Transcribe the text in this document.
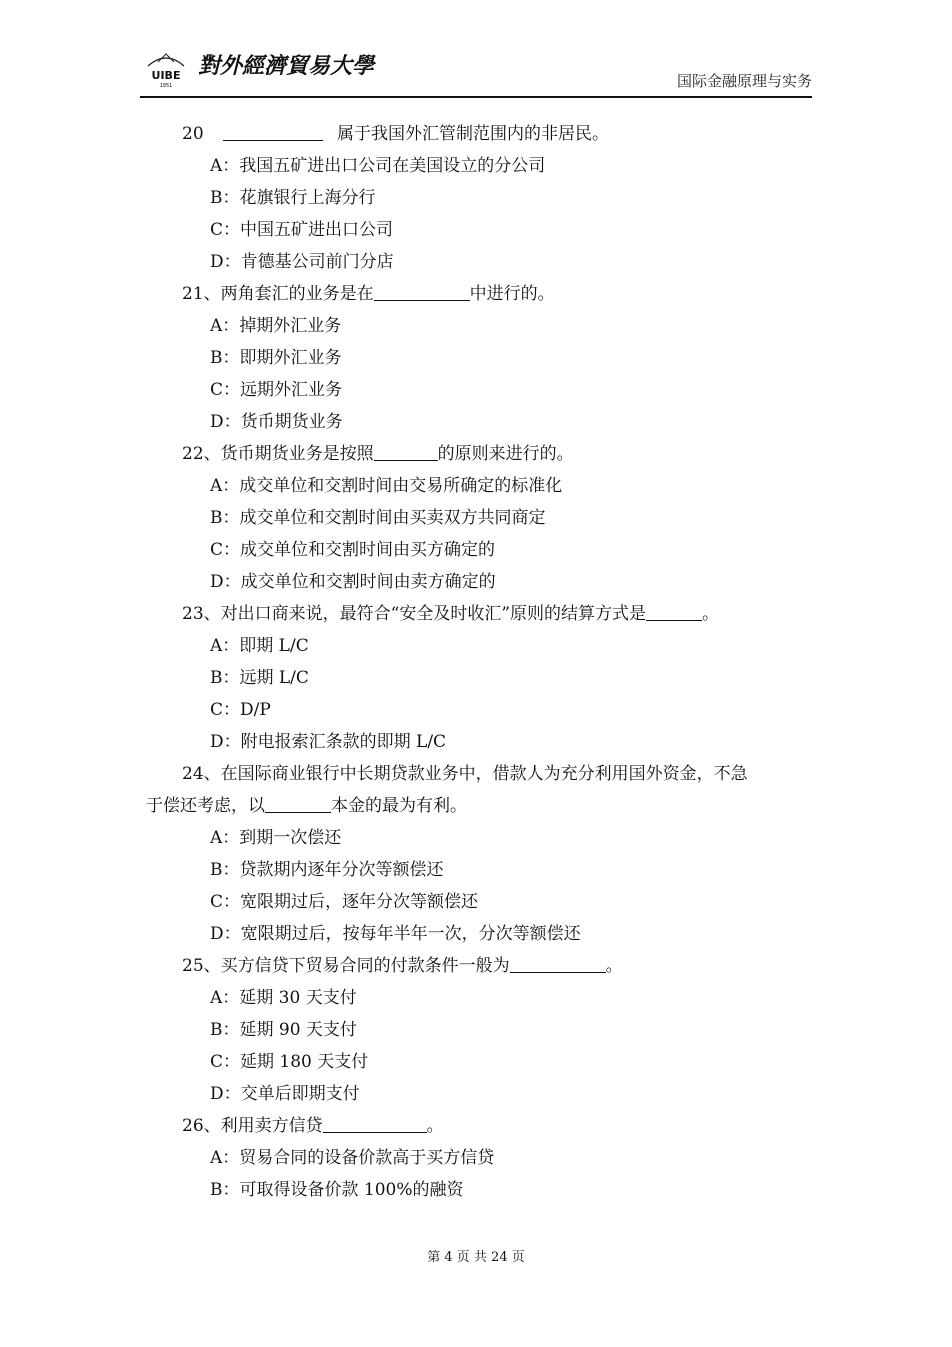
UIBE
1951
對外經濟貿易大學
国际金融原理与实务
20	属于我国外汇管制范围内的非居民。
A：我国五矿进出口公司在美国设立的分公司
B：花旗银行上海分行
C：中国五矿进出口公司
D：肯德基公司前门分店
21、两角套汇的业务是在	中进行的。
A：掉期外汇业务
B：即期外汇业务
C：远期外汇业务
D：货币期货业务
22、货币期货业务是按照	的原则来进行的。
A：成交单位和交割时间由交易所确定的标准化
B：成交单位和交割时间由买卖双方共同商定
C：成交单位和交割时间由买方确定的
D：成交单位和交割时间由卖方确定的
23、对出口商来说，最符合“安全及时收汇”原则的结算方式是	。
A：即期 L/C
B：远期 L/C
C：D/P
D：附电报索汇条款的即期 L/C
24、在国际商业银行中长期贷款业务中，借款人为充分利用国外资金，不急
于偿还考虑，以	本金的最为有利。
A：到期一次偿还
B：贷款期内逐年分次等额偿还
C：宽限期过后，逐年分次等额偿还
D：宽限期过后，按每年半年一次，分次等额偿还
25、买方信贷下贸易合同的付款条件一般为	。
A：延期 30 天支付
B：延期 90 天支付
C：延期 180 天支付
D：交单后即期支付
26、利用卖方信贷	。
A：贸易合同的设备价款高于买方信贷
B：可取得设备价款 100%的融资
第 4 页 共 24 页
